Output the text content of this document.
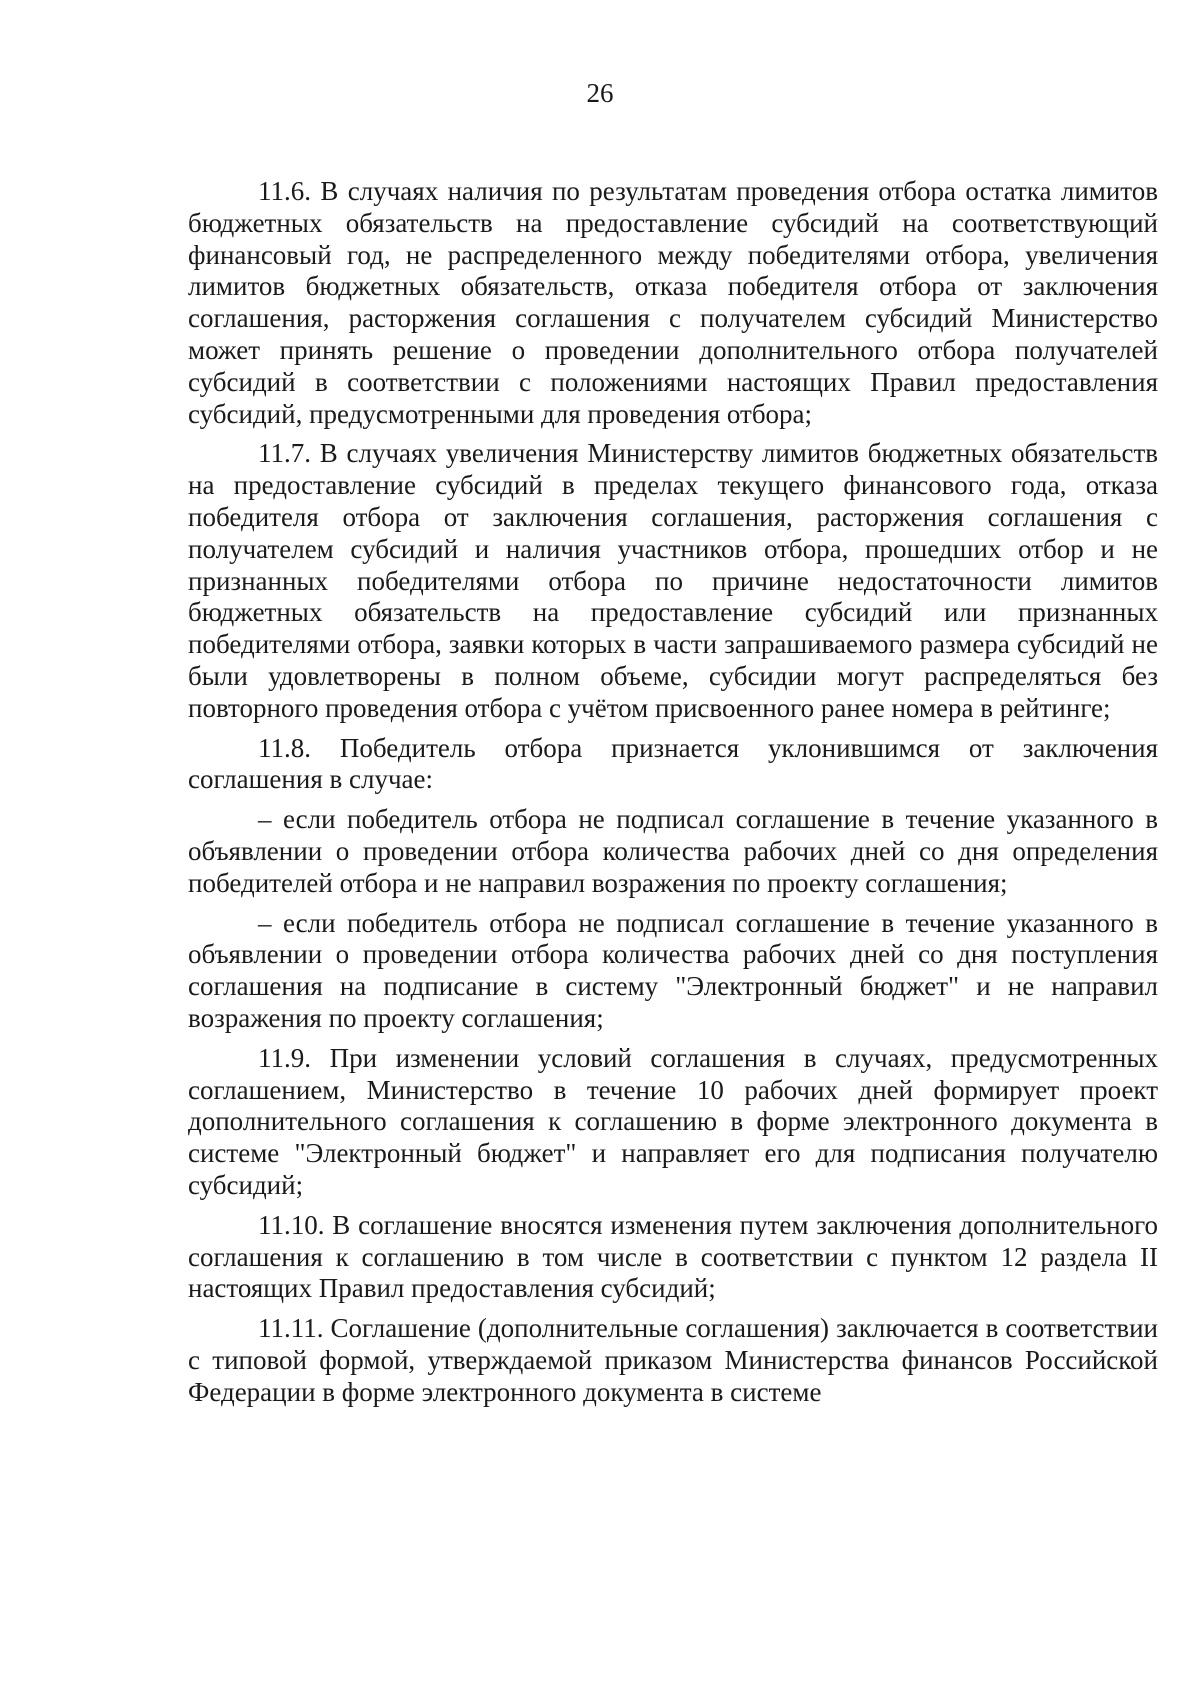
26

11.6. В случаях наличия по результатам проведения отбора остатка лимитов бюджетных обязательств на предоставление субсидий на соответствующий финансовый год, не распределенного между победителями отбора, увеличения лимитов бюджетных обязательств, отказа победителя отбора от заключения соглашения, расторжения соглашения с получателем субсидий Министерство может принять решение о проведении дополнительного отбора получателей субсидий в соответствии с положениями настоящих Правил предоставления субсидий, предусмотренными для проведения отбора;

11.7. В случаях увеличения Министерству лимитов бюджетных обязательств на предоставление субсидий в пределах текущего финансового года, отказа победителя отбора от заключения соглашения, расторжения соглашения с получателем субсидий и наличия участников отбора, прошедших отбор и не признанных победителями отбора по причине недостаточности лимитов бюджетных обязательств на предоставление субсидий или признанных победителями отбора, заявки которых в части запрашиваемого размера субсидий не были удовлетворены в полном объеме, субсидии могут распределяться без повторного проведения отбора с учётом присвоенного ранее номера в рейтинге;

11.8. Победитель отбора признается уклонившимся от заключения соглашения в случае:

– если победитель отбора не подписал соглашение в течение указанного в объявлении о проведении отбора количества рабочих дней со дня определения победителей отбора и не направил возражения по проекту соглашения;

– если победитель отбора не подписал соглашение в течение указанного в объявлении о проведении отбора количества рабочих дней со дня поступления соглашения на подписание в систему "Электронный бюджет" и не направил возражения по проекту соглашения;

11.9. При изменении условий соглашения в случаях, предусмотренных соглашением, Министерство в течение 10 рабочих дней формирует проект дополнительного соглашения к соглашению в форме электронного документа в системе "Электронный бюджет" и направляет его для подписания получателю субсидий;

11.10. В соглашение вносятся изменения путем заключения дополнительного соглашения к соглашению в том числе в соответствии с пунктом 12 раздела II настоящих Правил предоставления субсидий;

11.11. Соглашение (дополнительные соглашения) заключается в соответствии с типовой формой, утверждаемой приказом Министерства финансов Российской Федерации в форме электронного документа в системе
